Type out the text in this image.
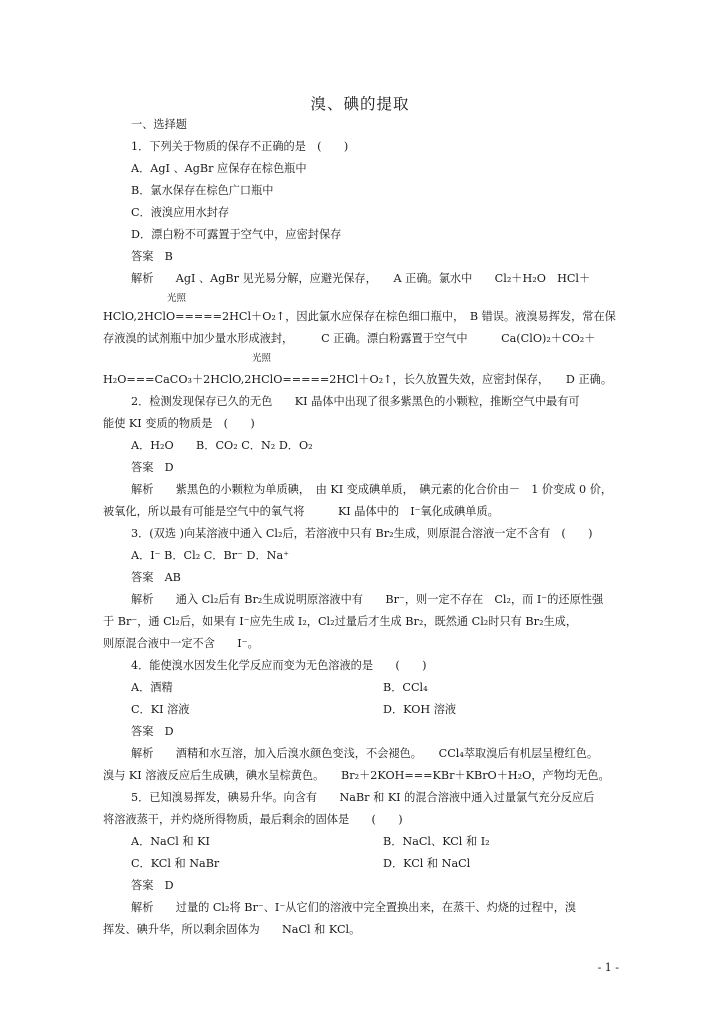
溴、碘的提取
一、选择题
1．下列关于物质的保存不正确的是　(　　)
A．AgI 、AgBr 应保存在棕色瓶中
B．氯水保存在棕色广口瓶中
C．液溴应用水封存
D．漂白粉不可露置于空气中，应密封保存
答案　B
解析　　AgI 、AgBr 见光易分解，应避光保存，　　A 正确。氯水中　　Cl₂＋H₂O　HCl＋
光照
HClO,2HClO=====2HCl＋O₂↑，因此氯水应保存在棕色细口瓶中，　B 错误。液溴易挥发，常在保
存液溴的试剂瓶中加少量水形成液封，　　　C 正确。漂白粉露置于空气中　　　Ca(ClO)₂＋CO₂＋
光照
H₂O===CaCO₃＋2HClO,2HClO=====2HCl＋O₂↑，长久放置失效，应密封保存，　　D 正确。
2．检测发现保存已久的无色　　KI 晶体中出现了很多紫黑色的小颗粒，推断空气中最有可
能使 KI 变质的物质是　(　　)
A．H₂O　　B．CO₂ C．N₂ D．O₂
答案　D
解析　　紫黑色的小颗粒为单质碘，　由 KI 变成碘单质，　碘元素的化合价由－　1 价变成 0 价，
被氧化，所以最有可能是空气中的氧气将　　　KI 晶体中的　I⁻氧化成碘单质。
3．(双选 )向某溶液中通入 Cl₂后，若溶液中只有 Br₂生成，则原混合溶液一定不含有　(　　)
A．I⁻ B．Cl₂ C．Br⁻ D．Na⁺
答案　AB
解析　　通入 Cl₂后有 Br₂生成说明原溶液中有　　Br⁻，则一定不存在　Cl₂，而 I⁻的还原性强
于 Br⁻，通 Cl₂后，如果有 I⁻应先生成 I₂，Cl₂过量后才生成 Br₂，既然通 Cl₂时只有 Br₂生成，
则原混合液中一定不含　　I⁻。
4．能使溴水因发生化学反应而变为无色溶液的是　　(　　)
A．酒精	B．CCl₄
C．KI 溶液	D．KOH 溶液
答案　D
解析　　酒精和水互溶，加入后溴水颜色变浅，不会褪色。　　CCl₄萃取溴后有机层呈橙红色。
溴与 KI 溶液反应后生成碘，碘水呈棕黄色。　　Br₂＋2KOH===KBr＋KBrO＋H₂O，产物均无色。
5．已知溴易挥发，碘易升华。向含有　　NaBr 和 KI 的混合溶液中通入过量氯气充分反应后
将溶液蒸干，并灼烧所得物质，最后剩余的固体是　　(　　)
A．NaCl 和 KI	B．NaCl、KCl 和 I₂
C．KCl 和 NaBr	D．KCl 和 NaCl
答案　D
解析　　过量的 Cl₂将 Br⁻、I⁻从它们的溶液中完全置换出来，在蒸干、灼烧的过程中，溴
挥发、碘升华，所以剩余固体为　　NaCl 和 KCl。
- 1 -
